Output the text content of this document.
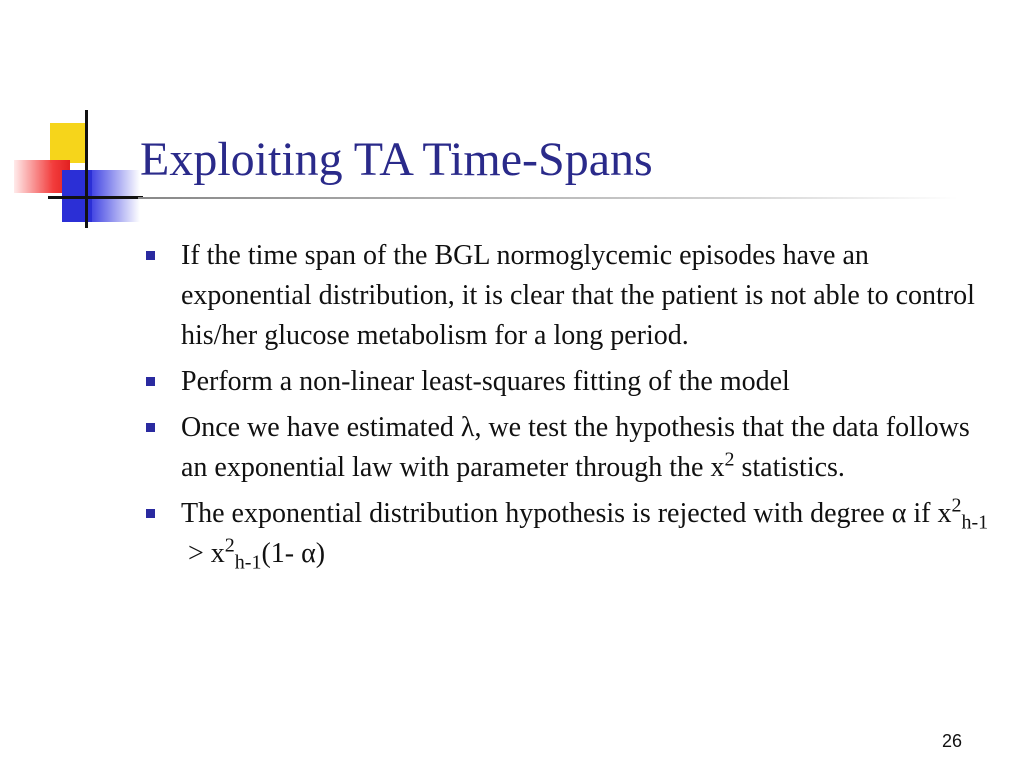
Exploiting TA Time-Spans
If the time span of the BGL normoglycemic episodes have an exponential distribution, it is clear that the patient is not able to control his/her glucose metabolism for a long period.
Perform a non-linear least-squares fitting of the model
Once we have estimated λ, we test the hypothesis that the data follows an exponential law with parameter through the $x^2$ statistics.
The exponential distribution hypothesis is rejected with degree α if $x^2_{h-1} > x^2_{h-1}(1-$ α)
26
